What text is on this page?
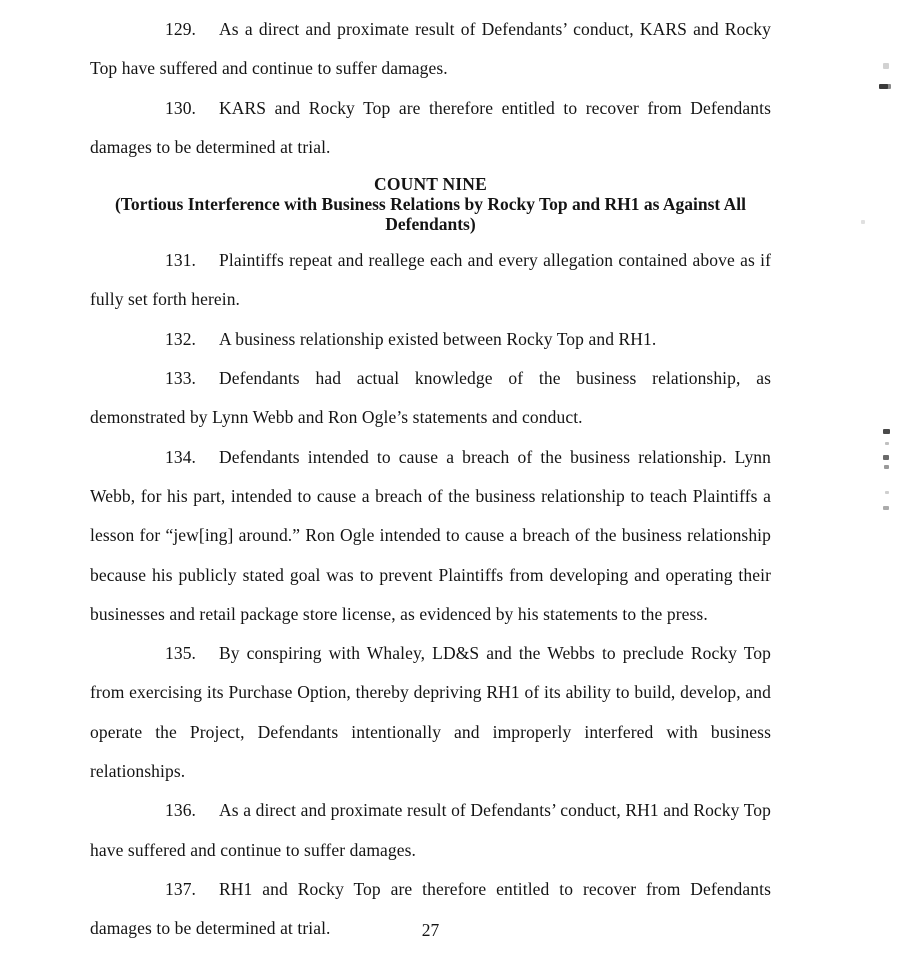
129. As a direct and proximate result of Defendants’ conduct, KARS and Rocky Top have suffered and continue to suffer damages.

130. KARS and Rocky Top are therefore entitled to recover from Defendants damages to be determined at trial.

COUNT NINE
(Tortious Interference with Business Relations by Rocky Top and RH1 as Against All Defendants)

131. Plaintiffs repeat and reallege each and every allegation contained above as if fully set forth herein.

132. A business relationship existed between Rocky Top and RH1.

133. Defendants had actual knowledge of the business relationship, as demonstrated by Lynn Webb and Ron Ogle’s statements and conduct.

134. Defendants intended to cause a breach of the business relationship. Lynn Webb, for his part, intended to cause a breach of the business relationship to teach Plaintiffs a lesson for “jew[ing] around.” Ron Ogle intended to cause a breach of the business relationship because his publicly stated goal was to prevent Plaintiffs from developing and operating their businesses and retail package store license, as evidenced by his statements to the press.

135. By conspiring with Whaley, LD&S and the Webbs to preclude Rocky Top from exercising its Purchase Option, thereby depriving RH1 of its ability to build, develop, and operate the Project, Defendants intentionally and improperly interfered with business relationships.

136. As a direct and proximate result of Defendants’ conduct, RH1 and Rocky Top have suffered and continue to suffer damages.

137. RH1 and Rocky Top are therefore entitled to recover from Defendants damages to be determined at trial.	27
